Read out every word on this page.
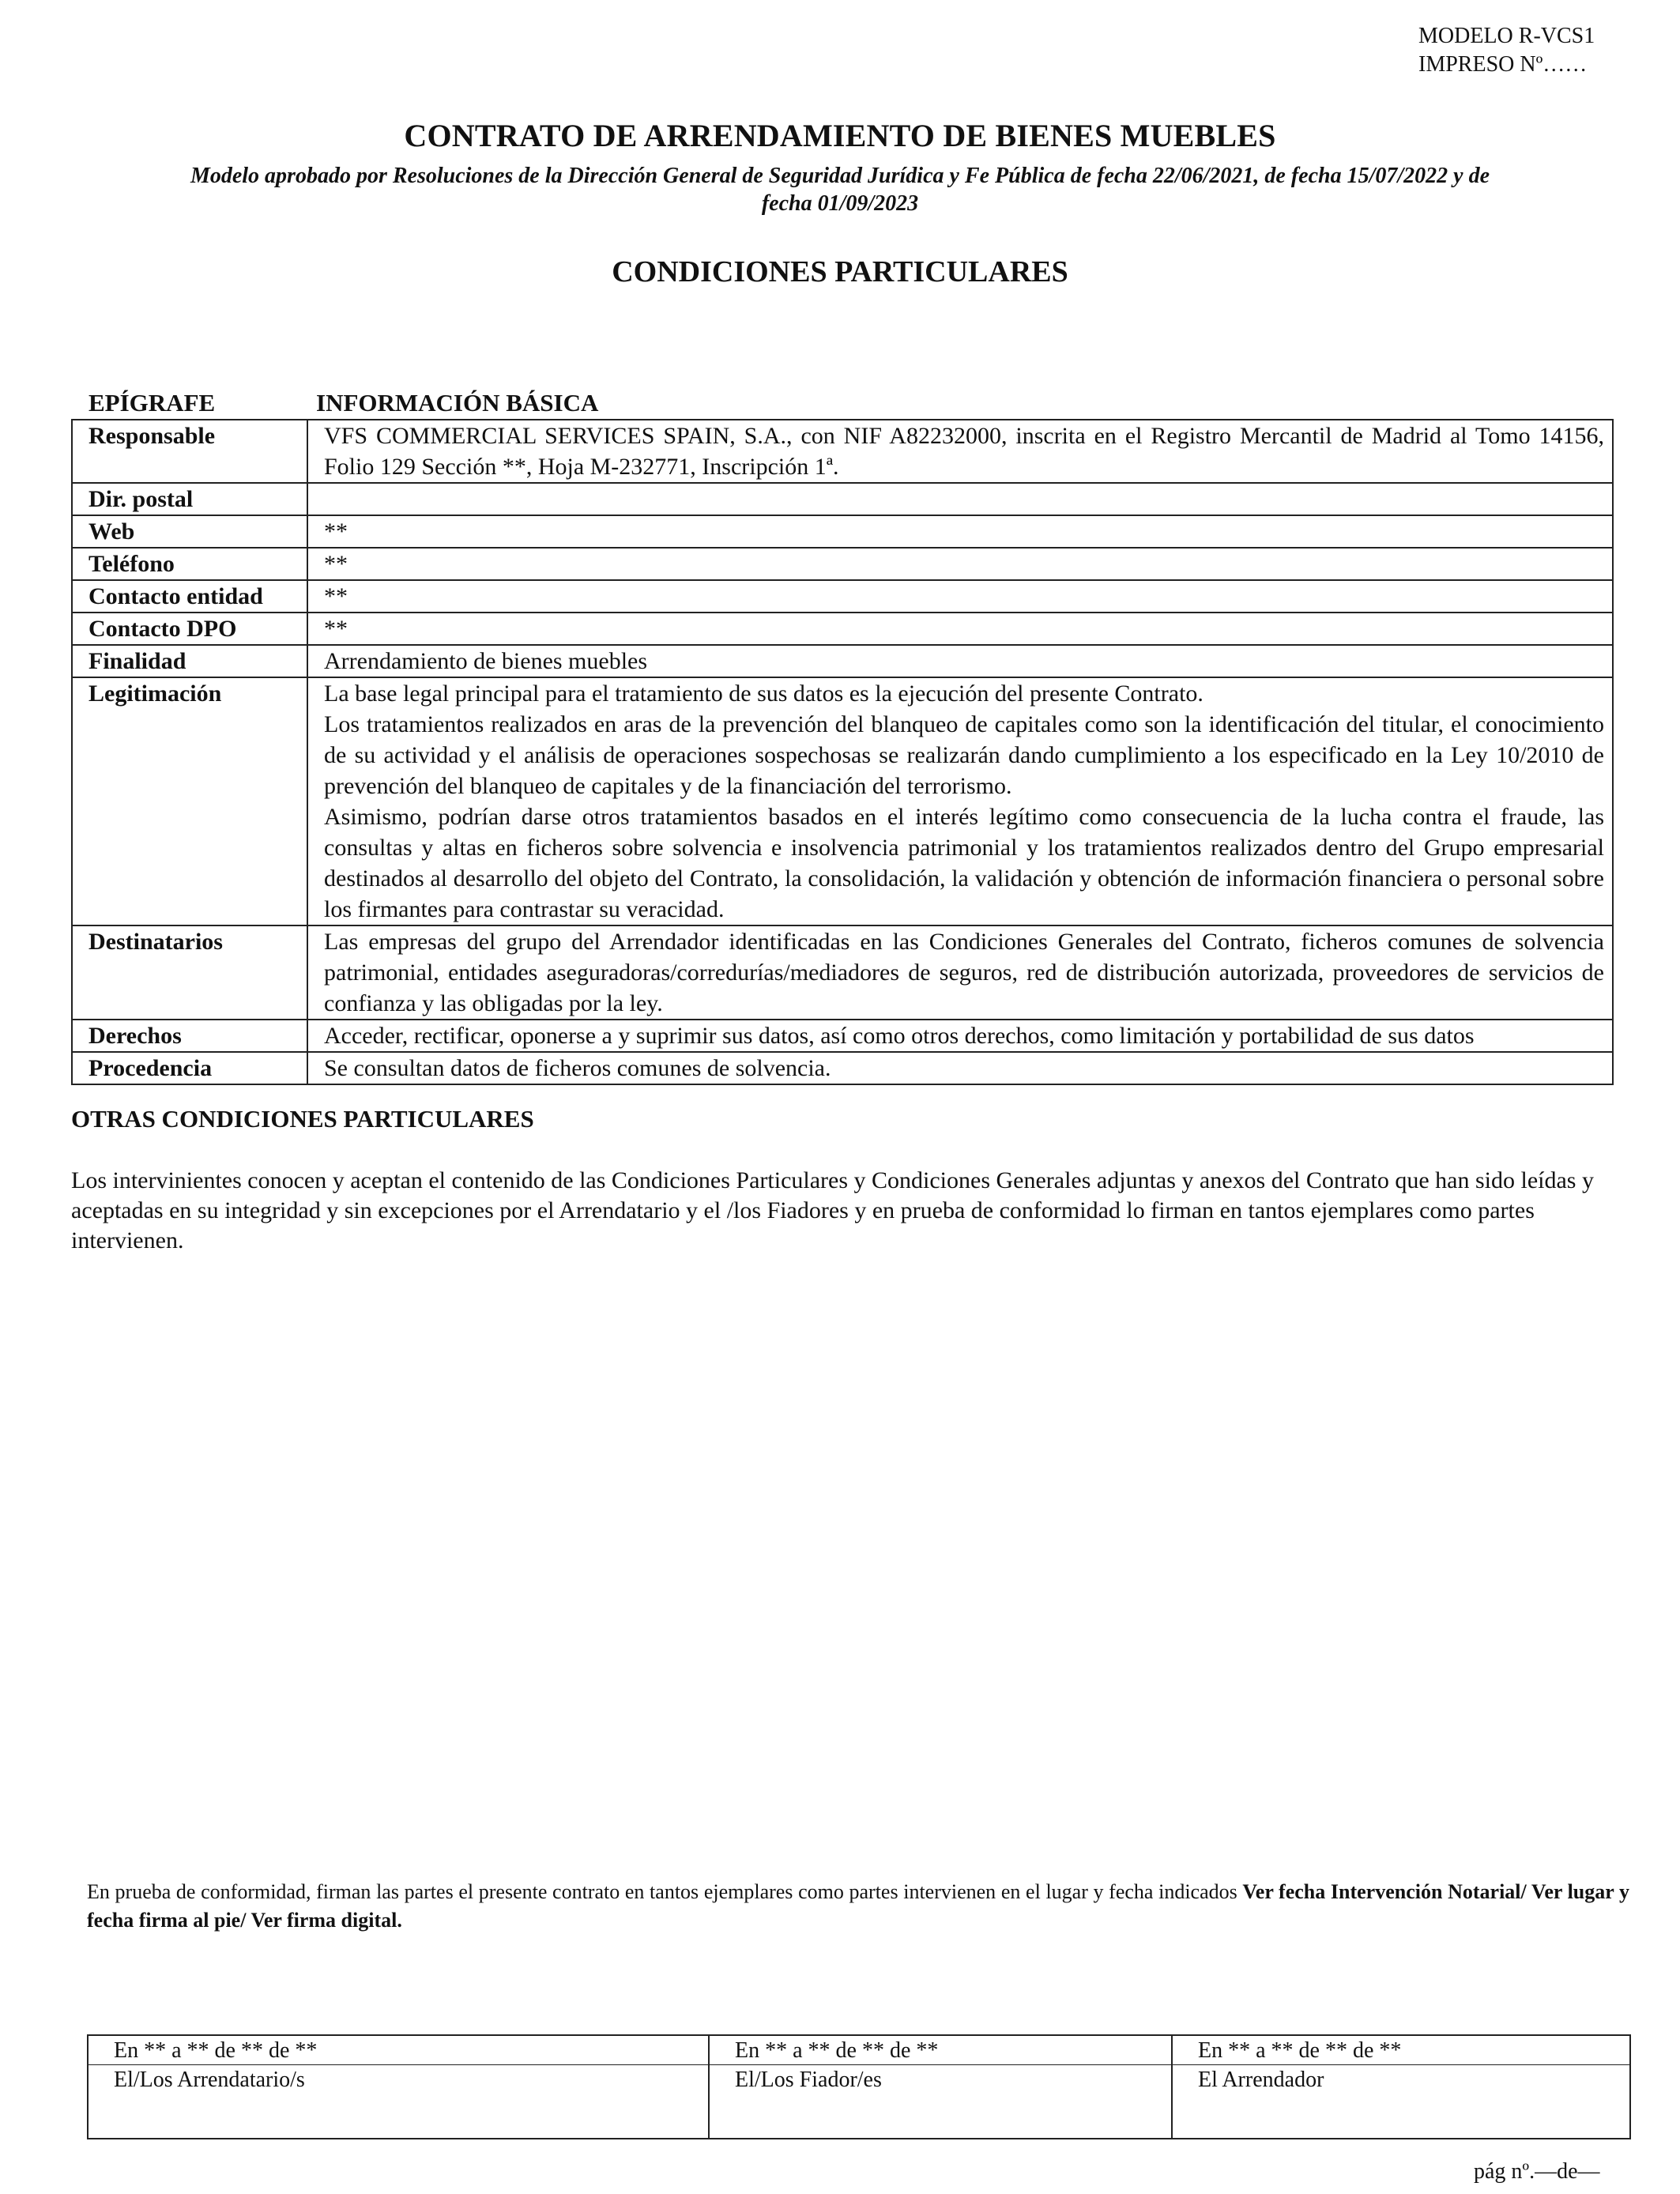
MODELO R-VCS1
IMPRESO Nº……
CONTRATO DE ARRENDAMIENTO DE BIENES MUEBLES
Modelo aprobado por Resoluciones de la Dirección General de Seguridad Jurídica y Fe Pública de fecha 22/06/2021, de fecha 15/07/2022 y de fecha 01/09/2023
CONDICIONES PARTICULARES
EPÍGRAFE	INFORMACIÓN BÁSICA
Responsable	VFS COMMERCIAL SERVICES SPAIN, S.A., con NIF A82232000, inscrita en el Registro Mercantil de Madrid al Tomo 14156, Folio 129 Sección **, Hoja M-232771, Inscripción 1ª.
Dir. postal	
Web	**
Teléfono	**
Contacto entidad	**
Contacto DPO	**
Finalidad	Arrendamiento de bienes muebles
Legitimación	La base legal principal para el tratamiento de sus datos es la ejecución del presente Contrato.
Los tratamientos realizados en aras de la prevención del blanqueo de capitales como son la identificación del titular, el conocimiento de su actividad y el análisis de operaciones sospechosas se realizarán dando cumplimiento a los especificado en la Ley 10/2010 de prevención del blanqueo de capitales y de la financiación del terrorismo.
Asimismo, podrían darse otros tratamientos basados en el interés legítimo como consecuencia de la lucha contra el fraude, las consultas y altas en ficheros sobre solvencia e insolvencia patrimonial y los tratamientos realizados dentro del Grupo empresarial destinados al desarrollo del objeto del Contrato, la consolidación, la validación y obtención de información financiera o personal sobre los firmantes para contrastar su veracidad.

Destinatarios	Las empresas del grupo del Arrendador identificadas en las Condiciones Generales del Contrato, ficheros comunes de solvencia patrimonial, entidades aseguradoras/corredurías/mediadores de seguros, red de distribución autorizada, proveedores de servicios de confianza y las obligadas por la ley.
Derechos	Acceder, rectificar, oponerse a y suprimir sus datos, así como otros derechos, como limitación y portabilidad de sus datos
Procedencia	Se consultan datos de ficheros comunes de solvencia.
OTRAS CONDICIONES PARTICULARES
Los intervinientes conocen y aceptan el contenido de las Condiciones Particulares y Condiciones Generales adjuntas y anexos del Contrato que han sido leídas y aceptadas en su integridad y sin excepciones por el Arrendatario y el /los Fiadores y en prueba de conformidad lo firman en tantos ejemplares como partes intervienen.
En prueba de conformidad, firman las partes el presente contrato en tantos ejemplares como partes intervienen en el lugar y fecha indicados Ver fecha Intervención Notarial/ Ver lugar y fecha firma al pie/ Ver firma digital.
En ** a ** de ** de **	En ** a ** de ** de **	En ** a ** de ** de **
El/Los Arrendatario/s	El/Los Fiador/es	El Arrendador
pág nº.—de—
